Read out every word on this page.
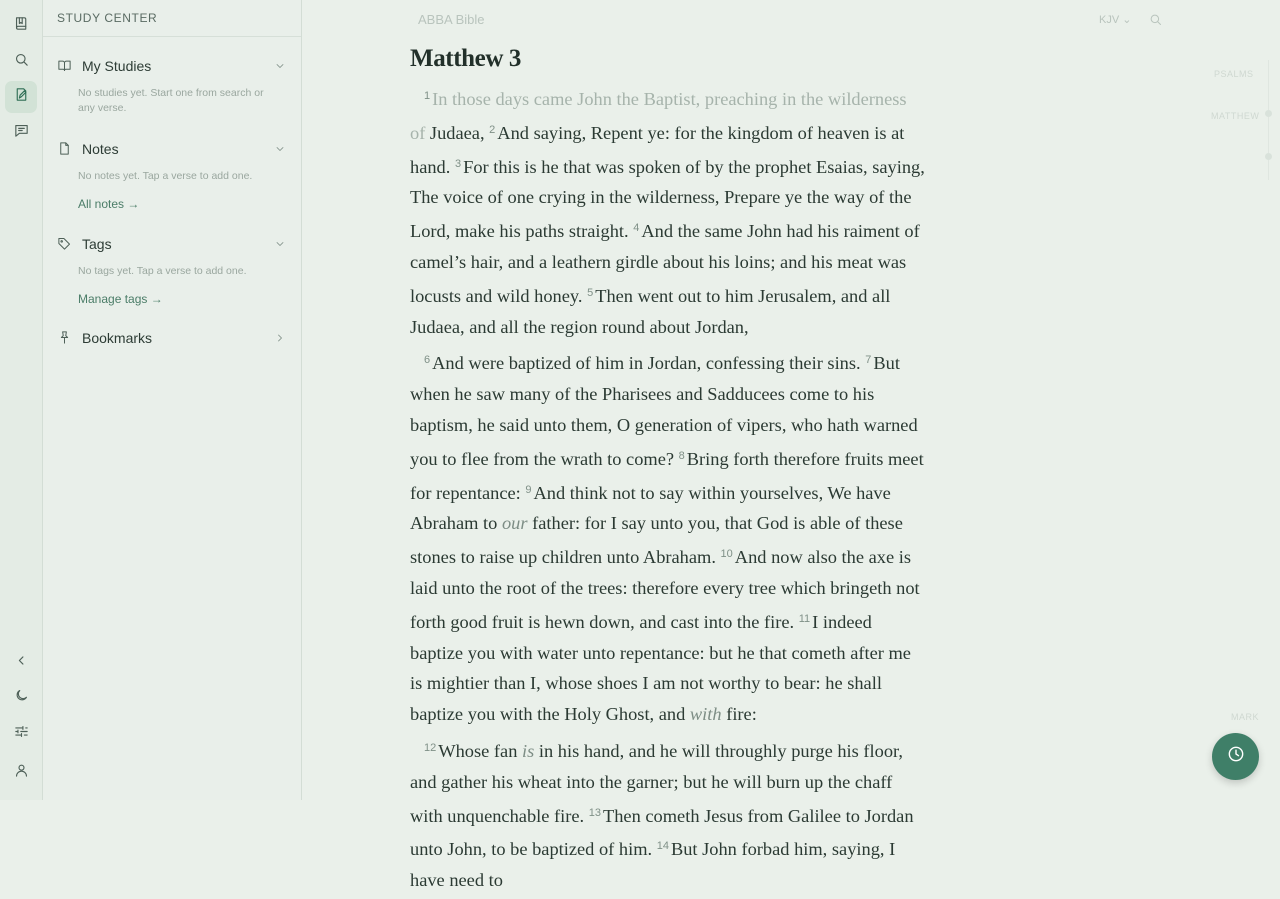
STUDY CENTER
My Studies
No studies yet. Start one from search or any verse.
Notes
No notes yet. Tap a verse to add one.
All notes →
Tags
No tags yet. Tap a verse to add one.
Manage tags →
Bookmarks
ABBA Bible	KJV ⌄
Matthew 3

$^1$ In those days came John the Baptist, preaching in the wilderness of Judaea, $^2$ And saying, Repent ye: for the kingdom of heaven is at hand. $^3$ For this is he that was spoken of by the prophet Esaias, saying, The voice of one crying in the wilderness, Prepare ye the way of the Lord, make his paths straight. $^4$ And the same John had his raiment of camel’s hair, and a leathern girdle about his loins; and his meat was locusts and wild honey. $^5$ Then went out to him Jerusalem, and all Judaea, and all the region round about Jordan,

$^6$ And were baptized of him in Jordan, confessing their sins. $^7$ But when he saw many of the Pharisees and Sadducees come to his baptism, he said unto them, O generation of vipers, who hath warned you to flee from the wrath to come? $^8$ Bring forth therefore fruits meet for repentance: $^9$ And think not to say within yourselves, We have Abraham to our father: for I say unto you, that God is able of these stones to raise up children unto Abraham. $^{10}$ And now also the axe is laid unto the root of the trees: therefore every tree which bringeth not forth good fruit is hewn down, and cast into the fire. $^{11}$ I indeed baptize you with water unto repentance: but he that cometh after me is mightier than I, whose shoes I am not worthy to bear: he shall baptize you with the Holy Ghost, and with fire:

$^{12}$ Whose fan is in his hand, and he will throughly purge his floor, and gather his wheat into the garner; but he will burn up the chaff with unquenchable fire. $^{13}$ Then cometh Jesus from Galilee to Jordan unto John, to be baptized of him. $^{14}$ But John forbad him, saying, I have need to

PSALMS
MATTHEW
MARK
